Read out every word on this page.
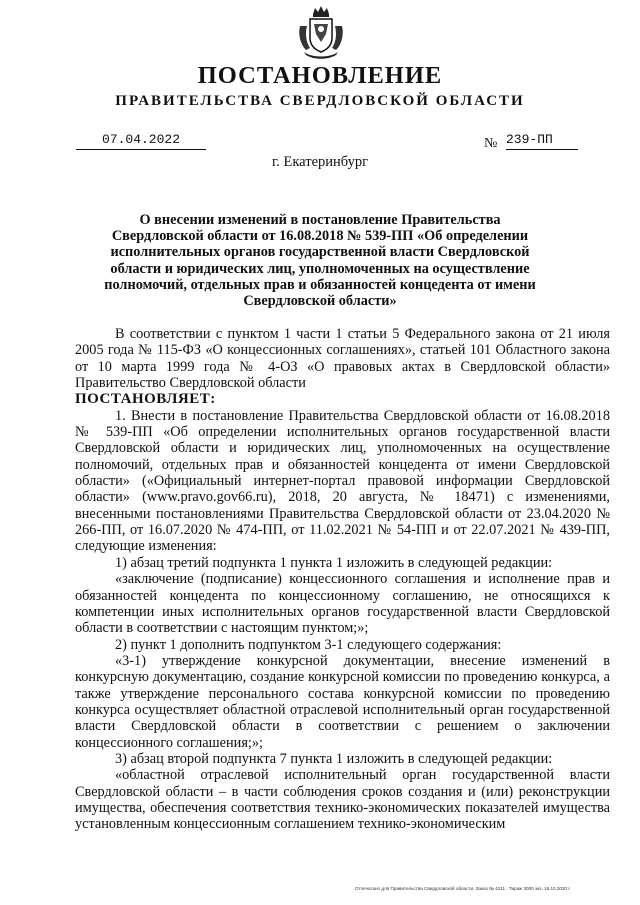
ПОСТАНОВЛЕНИЕ
ПРАВИТЕЛЬСТВА СВЕРДЛОВСКОЙ ОБЛАСТИ
07.04.2022	№ 239-ПП
г. Екатеринбург
О внесении изменений в постановление Правительства Свердловской области от 16.08.2018 № 539-ПП «Об определении исполнительных органов государственной власти Свердловской области и юридических лиц, уполномоченных на осуществление полномочий, отдельных прав и обязанностей концедента от имени Свердловской области»

В соответствии с пунктом 1 части 1 статьи 5 Федерального закона от 21 июля 2005 года № 115-ФЗ «О концессионных соглашениях», статьей 101 Областного закона от 10 марта 1999 года № 4-ОЗ «О правовых актах в Свердловской области» Правительство Свердловской области

ПОСТАНОВЛЯЕТ:

1. Внести в постановление Правительства Свердловской области от 16.08.2018 № 539-ПП «Об определении исполнительных органов государственной власти Свердловской области и юридических лиц, уполномоченных на осуществление полномочий, отдельных прав и обязанностей концедента от имени Свердловской области» («Официальный интернет-портал правовой информации Свердловской области» (www.pravo.gov66.ru), 2018, 20 августа, № 18471) с изменениями, внесенными постановлениями Правительства Свердловской области от 23.04.2020 № 266-ПП, от 16.07.2020 № 474-ПП, от 11.02.2021 № 54-ПП и от 22.07.2021 № 439-ПП, следующие изменения:

1) абзац третий подпункта 1 пункта 1 изложить в следующей редакции:

«заключение (подписание) концессионного соглашения и исполнение прав и обязанностей концедента по концессионному соглашению, не относящихся к компетенции иных исполнительных органов государственной власти Свердловской области в соответствии с настоящим пунктом;»;

2) пункт 1 дополнить подпунктом 3-1 следующего содержания:

«3-1) утверждение конкурсной документации, внесение изменений в конкурсную документацию, создание конкурсной комиссии по проведению конкурса, а также утверждение персонального состава конкурсной комиссии по проведению конкурса осуществляет областной отраслевой исполнительный орган государственной власти Свердловской области в соответствии с решением о заключении концессионного соглашения;»;

3) абзац второй подпункта 7 пункта 1 изложить в следующей редакции:

«областной отраслевой исполнительный орган государственной власти Свердловской области – в части соблюдения сроков создания и (или) реконструкции имущества, обеспечения соответствия технико-экономических показателей имущества установленным концессионным соглашением технико-экономическим

Отпечатано для Правительства Свердловской области. Заказ № 4211 . Тираж 3000 экз. 16.10.2020 г.
